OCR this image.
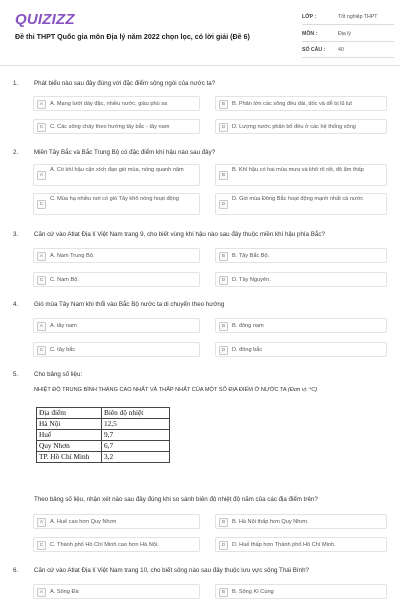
QUIZIZZ
Đề thi THPT Quốc gia môn Địa lý năm 2022 chọn lọc, có lời giải (Đề 6)
LỚP :	Tốt nghiệp THPT
MÔN :	Địa lý
SỐ CÂU : 40
1.	Phát biểu nào sau đây đúng với đặc điểm sông ngòi của nước ta?
A	A. Mạng lưới dày đặc, nhiều nước, giàu phù sa	B	B. Phân lớn các sông đều dài, dốc và dễ bị lũ lụt
C	C. Các sông chảy theo hướng tây bắc - tây nam	D	D. Lượng nước phân bố đều ở các hệ thống sông
2.	Miền Tây Bắc và Bắc Trung Bộ có đặc điểm khí hậu nào sau đây?
A
A. Có khí hậu cận xích đạo gió mùa, nóng quanh năm
B
B. Khí hậu có hai mùa mưa và khô rõ rệt, độ ẩm thấp
C
C. Mùa hạ nhiều nơi có gió Tây khô nóng hoạt động
D
D. Gió mùa Đông Bắc hoạt động mạnh nhất cả nước
3.	Căn cứ vào Atlat Địa lí Việt Nam trang 9, cho biết vùng khí hậu nào sau đây thuộc miền khí hậu phía Bắc?
A	A. Nam Trung Bộ.	B	B. Tây Bắc Bộ.
C	C. Nam Bộ.	D	D. Tây Nguyên.
4.	Gió mùa Tây Nam khi thổi vào Bắc Bộ nước ta di chuyển theo hướng
A	A. tây nam	B	B. đông nam
C	C. tây bắc	D	D. đông bắc
5.	Cho bảng số liệu:
NHIỆT ĐỘ TRUNG BÌNH THÁNG CAO NHẤT VÀ THẤP NHẤT CỦA MỘT SỐ ĐỊA ĐIỂM Ở NƯỚC TA (Đơn vị: °C)
Địa điểm	Biên độ nhiệt
Hà Nội	12,5
Huế	9,7
Quy Nhơn	6,7
TP. Hồ Chí Minh	3,2
Theo bảng số liệu, nhận xét nào sau đây đúng khi so sánh biên độ nhiệt độ năm của các địa điểm trên?
A	A. Huế cao hơn Quy Nhơn	B	B. Hà Nội thấp hơn Quy Nhơn.
C	C. Thành phố Hồ Chí Minh cao hơn Hà Nội.	D	D. Huế thấp hơn Thành phố Hồ Chí Minh.
6.	Căn cứ vào Atlat Địa lí Việt Nam trang 10, cho biết sông nào sau đây thuộc lưu vực sông Thái Bình?
A	A. Sông Đà	B	B. Sông Kì Cùng
